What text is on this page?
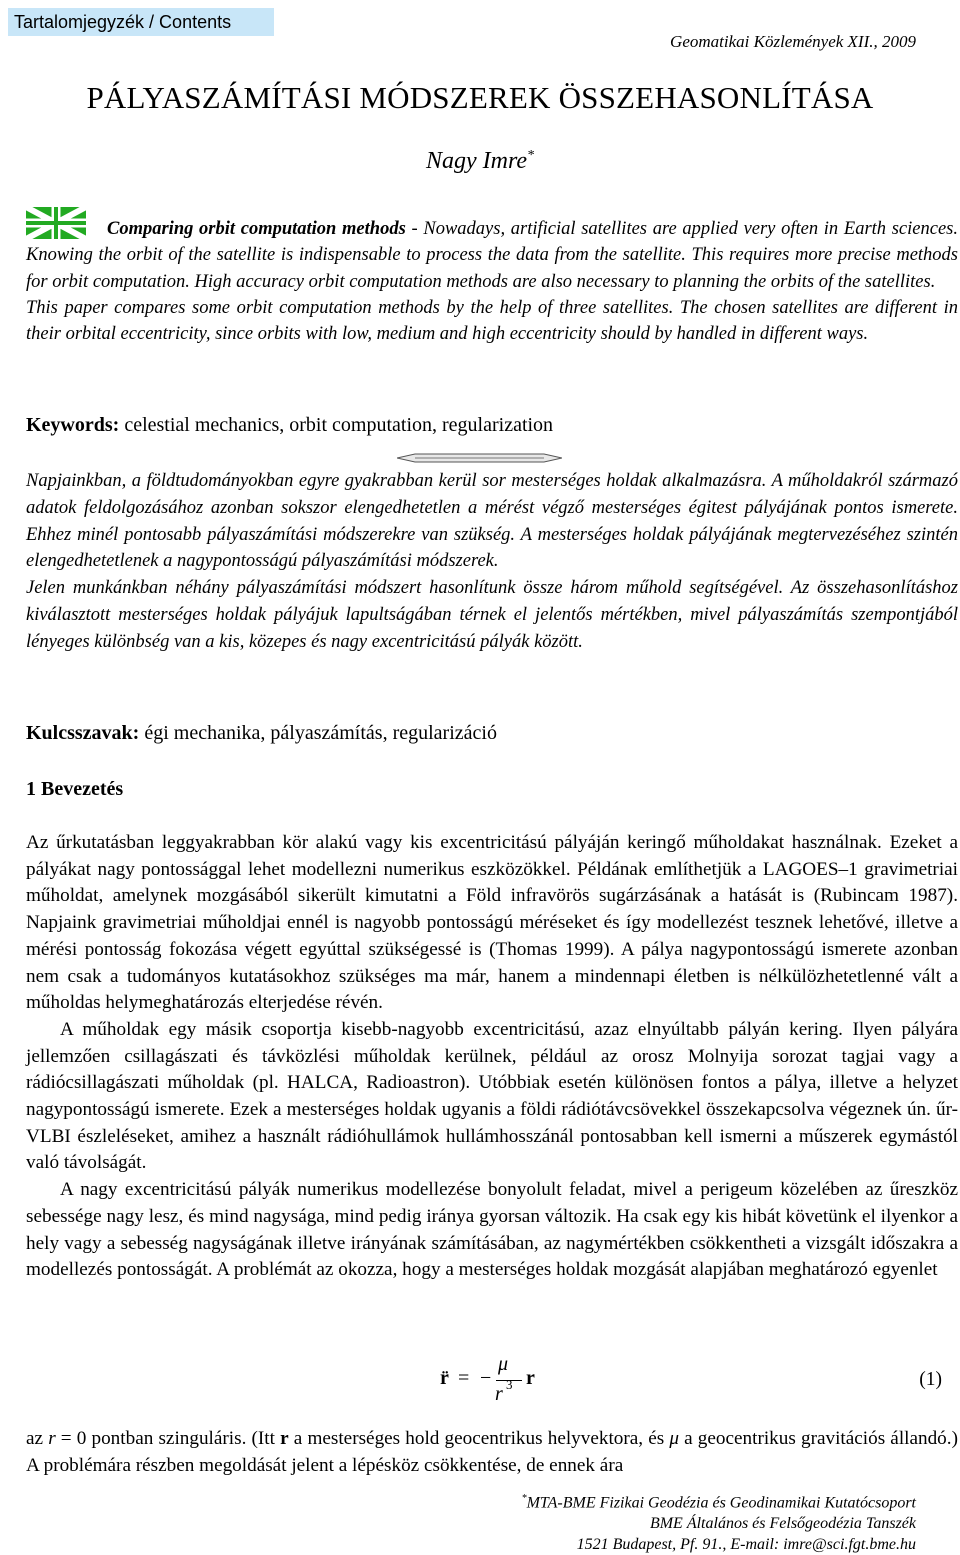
Tartalomjegyzék / Contents
Geomatikai Közlemények XII., 2009
PÁLYASZÁMÍTÁSI MÓDSZEREK ÖSSZEHASONLÍTÁSA
Nagy Imre*

Comparing orbit computation methods - Nowadays, artificial satellites are applied very often in Earth sciences. Knowing the orbit of the satellite is indispensable to process the data from the satellite. This requires more precise methods for orbit computation. High accuracy orbit computation methods are also necessary to planning the orbits of the satellites.

This paper compares some orbit computation methods by the help of three satellites. The chosen satellites are different in their orbital eccentricity, since orbits with low, medium and high eccentricity should by handled in different ways.

Keywords: celestial mechanics, orbit computation, regularization

Napjainkban, a földtudományokban egyre gyakrabban kerül sor mesterséges holdak alkalmazásra. A műholdakról származó adatok feldolgozásához azonban sokszor elengedhetetlen a mérést végző mesterséges égitest pályájának pontos ismerete. Ehhez minél pontosabb pályaszámítási módszerekre van szükség. A mesterséges holdak pályájának megtervezéséhez szintén elengedhetetlenek a nagypontosságú pályaszámítási módszerek.

Jelen munkánkban néhány pályaszámítási módszert hasonlítunk össze három műhold segítségével. Az összehasonlításhoz kiválasztott mesterséges holdak pályájuk lapultságában térnek el jelentős mértékben, mivel pályaszámítás szempontjából lényeges különbség van a kis, közepes és nagy excentricitású pályák között.

Kulcsszavak: égi mechanika, pályaszámítás, regularizáció
1 Bevezetés

Az űrkutatásban leggyakrabban kör alakú vagy kis excentricitású pályáján keringő műholdakat használnak. Ezeket a pályákat nagy pontossággal lehet modellezni numerikus eszközökkel. Példának említhetjük a LAGOES–1 gravimetriai műholdat, amelynek mozgásából sikerült kimutatni a Föld infravörös sugárzásának a hatását is (Rubincam 1987). Napjaink gravimetriai műholdjai ennél is nagyobb pontosságú méréseket és így modellezést tesznek lehetővé, illetve a mérési pontosság fokozása végett egyúttal szükségessé is (Thomas 1999). A pálya nagypontosságú ismerete azonban nem csak a tudományos kutatásokhoz szükséges ma már, hanem a mindennapi életben is nélkülözhetetlenné vált a műholdas helymeghatározás elterjedése révén.

A műholdak egy másik csoportja kisebb-nagyobb excentricitású, azaz elnyúltabb pályán kering. Ilyen pályára jellemzően csillagászati és távközlési műholdak kerülnek, például az orosz Molnyija sorozat tagjai vagy a rádiócsillagászati műholdak (pl. HALCA, Radioastron). Utóbbiak esetén különösen fontos a pálya, illetve a helyzet nagypontosságú ismerete. Ezek a mesterséges holdak ugyanis a földi rádiótávcsövekkel összekapcsolva végeznek ún. űr-VLBI észleléseket, amihez a használt rádióhullámok hullámhosszánál pontosabban kell ismerni a műszerek egymástól való távolságát.

A nagy excentricitású pályák numerikus modellezése bonyolult feladat, mivel a perigeum közelében az űreszköz sebessége nagy lesz, és mind nagysága, mind pedig iránya gyorsan változik. Ha csak egy kis hibát követünk el ilyenkor a hely vagy a sebesség nagyságának illetve irányának számításában, az nagymértékben csökkentheti a vizsgált időszakra a modellezés pontosságát. A problémát az okozza, hogy a mesterséges holdak mozgását alapjában meghatározó egyenlet

r̈ = −
μ
r 3 r	(1)

az r = 0 pontban szinguláris. (Itt r a mesterséges hold geocentrikus helyvektora, és μ a geocentrikus gravitációs állandó.) A problémára részben megoldását jelent a lépésköz csökkentése, de ennek ára

*MTA-BME Fizikai Geodézia és Geodinamikai Kutatócsoport
BME Általános és Felsőgeodézia Tanszék
1521 Budapest, Pf. 91., E-mail: imre@sci.fgt.bme.hu
